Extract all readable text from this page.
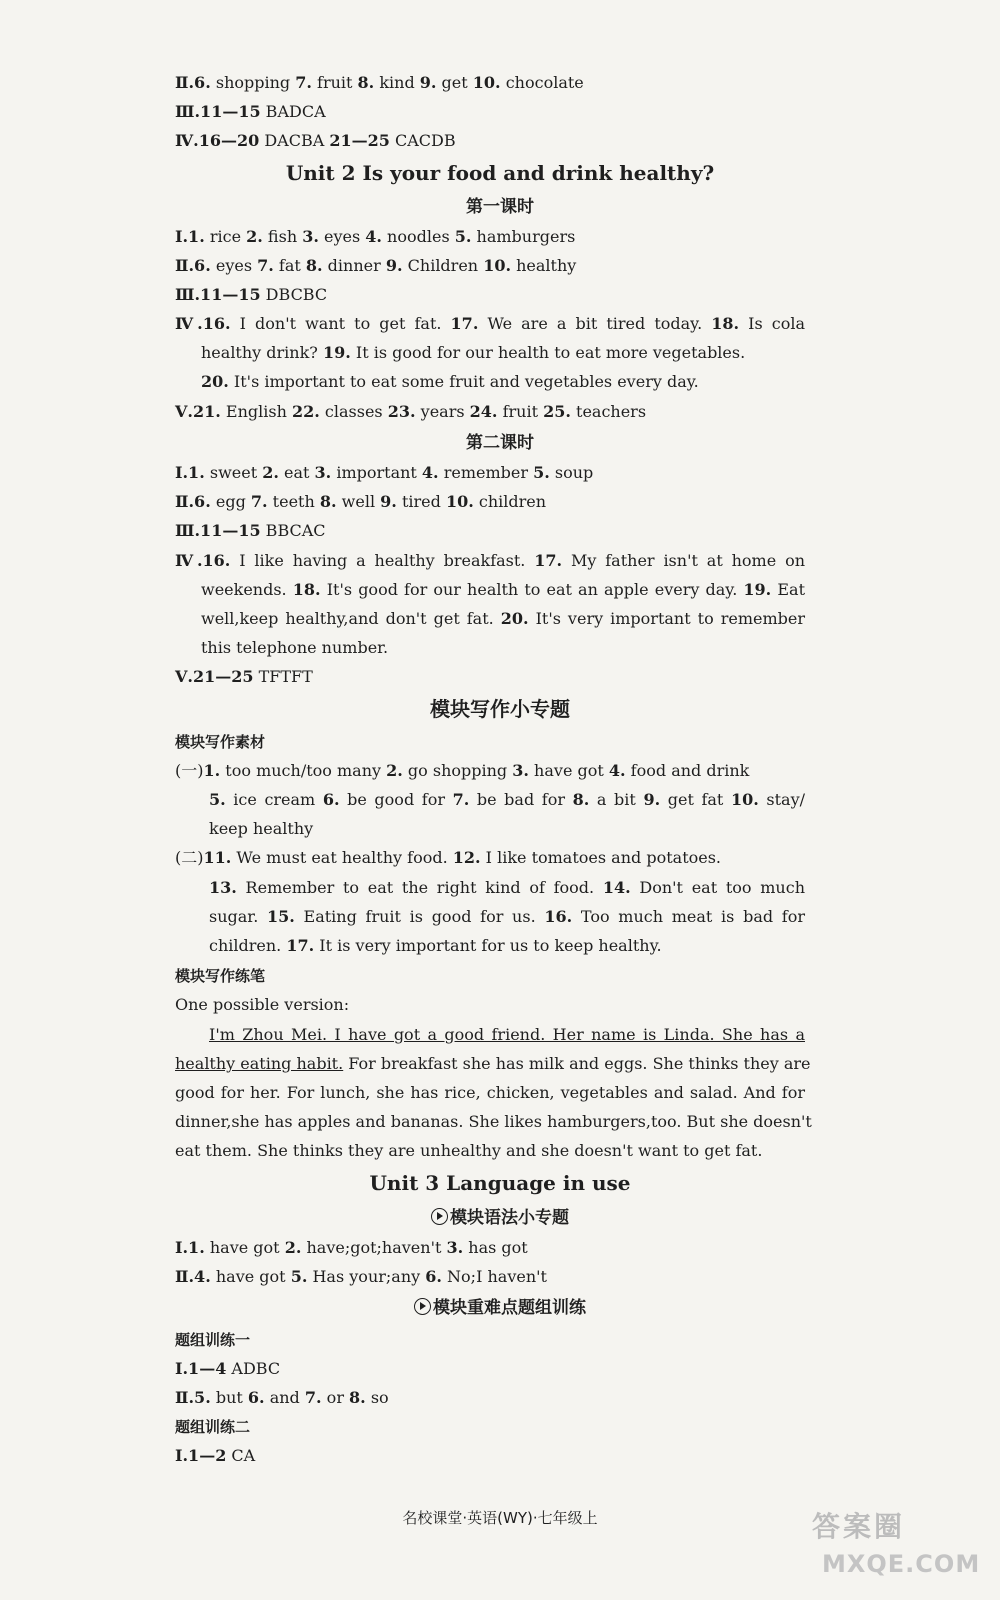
Ⅱ.6. shopping 7. fruit 8. kind 9. get 10. chocolate
Ⅲ.11—15 BADCA
Ⅳ.16—20 DACBA 21—25 CACDB
Unit 2 Is your food and drink healthy?
第一课时
Ⅰ.1. rice 2. fish 3. eyes 4. noodles 5. hamburgers
Ⅱ.6. eyes 7. fat 8. dinner 9. Children 10. healthy
Ⅲ.11—15 DBCBC
Ⅳ.16. I don't want to get fat. 17. We are a bit tired today. 18. Is cola
healthy drink? 19. It is good for our health to eat more vegetables.
20. It's important to eat some fruit and vegetables every day.
Ⅴ.21. English 22. classes 23. years 24. fruit 25. teachers
第二课时
Ⅰ.1. sweet 2. eat 3. important 4. remember 5. soup
Ⅱ.6. egg 7. teeth 8. well 9. tired 10. children
Ⅲ.11—15 BBCAC
Ⅳ.16. I like having a healthy breakfast. 17. My father isn't at home on
weekends. 18. It's good for our health to eat an apple every day. 19. Eat
well,keep healthy,and don't get fat. 20. It's very important to remember
this telephone number.
Ⅴ.21—25 TFTFT
模块写作小专题
模块写作素材
(一)1. too much/too many 2. go shopping 3. have got 4. food and drink
5. ice cream 6. be good for 7. be bad for 8. a bit 9. get fat 10. stay/
keep healthy
(二)11. We must eat healthy food. 12. I like tomatoes and potatoes.
13. Remember to eat the right kind of food. 14. Don't eat too much
sugar. 15. Eating fruit is good for us. 16. Too much meat is bad for
children. 17. It is very important for us to keep healthy.
模块写作练笔
One possible version:
I'm Zhou Mei. I have got a good friend. Her name is Linda. She has a
healthy eating habit. For breakfast she has milk and eggs. She thinks they are
good for her. For lunch, she has rice, chicken, vegetables and salad. And for
dinner,she has apples and bananas. She likes hamburgers,too. But she doesn't
eat them. She thinks they are unhealthy and she doesn't want to get fat.
Unit 3 Language in use
模块语法小专题
Ⅰ.1. have got 2. have;got;haven't 3. has got
Ⅱ.4. have got 5. Has your;any 6. No;I haven't
模块重难点题组训练
题组训练一
Ⅰ.1—4 ADBC
Ⅱ.5. but 6. and 7. or 8. so
题组训练二
Ⅰ.1—2 CA
名校课堂·英语(WY)·七年级上	答案圈
MXQE.COM
